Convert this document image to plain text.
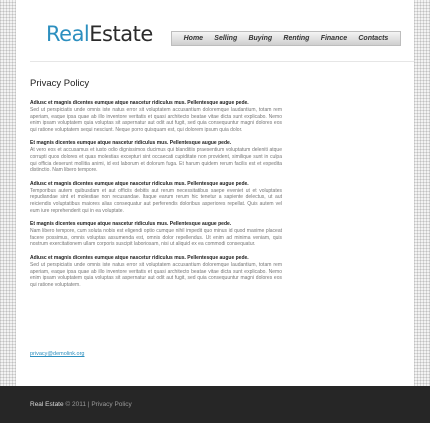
RealEstate	Home Selling Buying Renting Finance Contacts
Privacy Policy
Adiusc et magnis dicentes eumque atque nascetur ridiculus mus. Pellentesque augue pede.
Sed ut perspiciatis unde omnis iste natus error sit voluptatem accusantium doloremque laudantium, totam rem aperiam, eaque ipsa quae ab illo inventore veritatis et quasi architecto beatae vitae dicta sunt explicabo. Nemo enim ipsam voluptatem quia voluptas sit aspernatur aut odit aut fugit, sed quia consequuntur magni dolores eos qui ratione voluptatem sequi nesciunt. Neque porro quisquam est, qui dolorem ipsum quia dolor.
Et magnis dicentes eumque atque nascetur ridiculus mus. Pellentesque augue pede.
At vero eos et accusamus et iusto odio dignissimos ducimus qui blanditiis praesentium voluptatum deleniti atque corrupti quos dolores et quas molestias excepturi sint occaecati cupiditate non provident, similique sunt in culpa qui officia deserunt mollitia animi, id est laborum et dolorum fuga. Et harum quidem rerum facilis est et expedita distinctio. Nam libero tempore.
Adiusc et magnis dicentes eumque atque nascetur ridiculus mus. Pellentesque augue pede.
Temporibus autem quibusdam et aut officiis debitis aut rerum necessitatibus saepe eveniet ut et voluptates repudiandae sint et molestiae non recusandae. Itaque earum rerum hic tenetur a sapiente delectus, ut aut reiciendis voluptatibus maiores alias consequatur aut perferendis doloribus asperiores repellat. Quis autem vel eum iure reprehenderit qui in ea voluptate.
Et magnis dicentes eumque atque nascetur ridiculus mus. Pellentesque augue pede.
Nam libero tempore, cum soluta nobis est eligendi optio cumque nihil impedit quo minus id quod maxime placeat facere possimus, omnis voluptas assumenda est, omnis dolor repellendus. Ut enim ad minima veniam, quis nostrum exercitationem ullam corporis suscipit laboriosam, nisi ut aliquid ex ea commodi consequatur.
Adiusc et magnis dicentes eumque atque nascetur ridiculus mus. Pellentesque augue pede.
Sed ut perspiciatis unde omnis iste natus error sit voluptatem accusantium doloremque laudantium, totam rem aperiam, eaque ipsa quae ab illo inventore veritatis et quasi architecto beatae vitae dicta sunt explicabo. Nemo enim ipsam voluptatem quia voluptas sit aspernatur aut odit aut fugit, sed quia consequuntur magni dolores eos qui ratione voluptatem.
privacy@demolink.org
Real Estate © 2011 | Privacy Policy
